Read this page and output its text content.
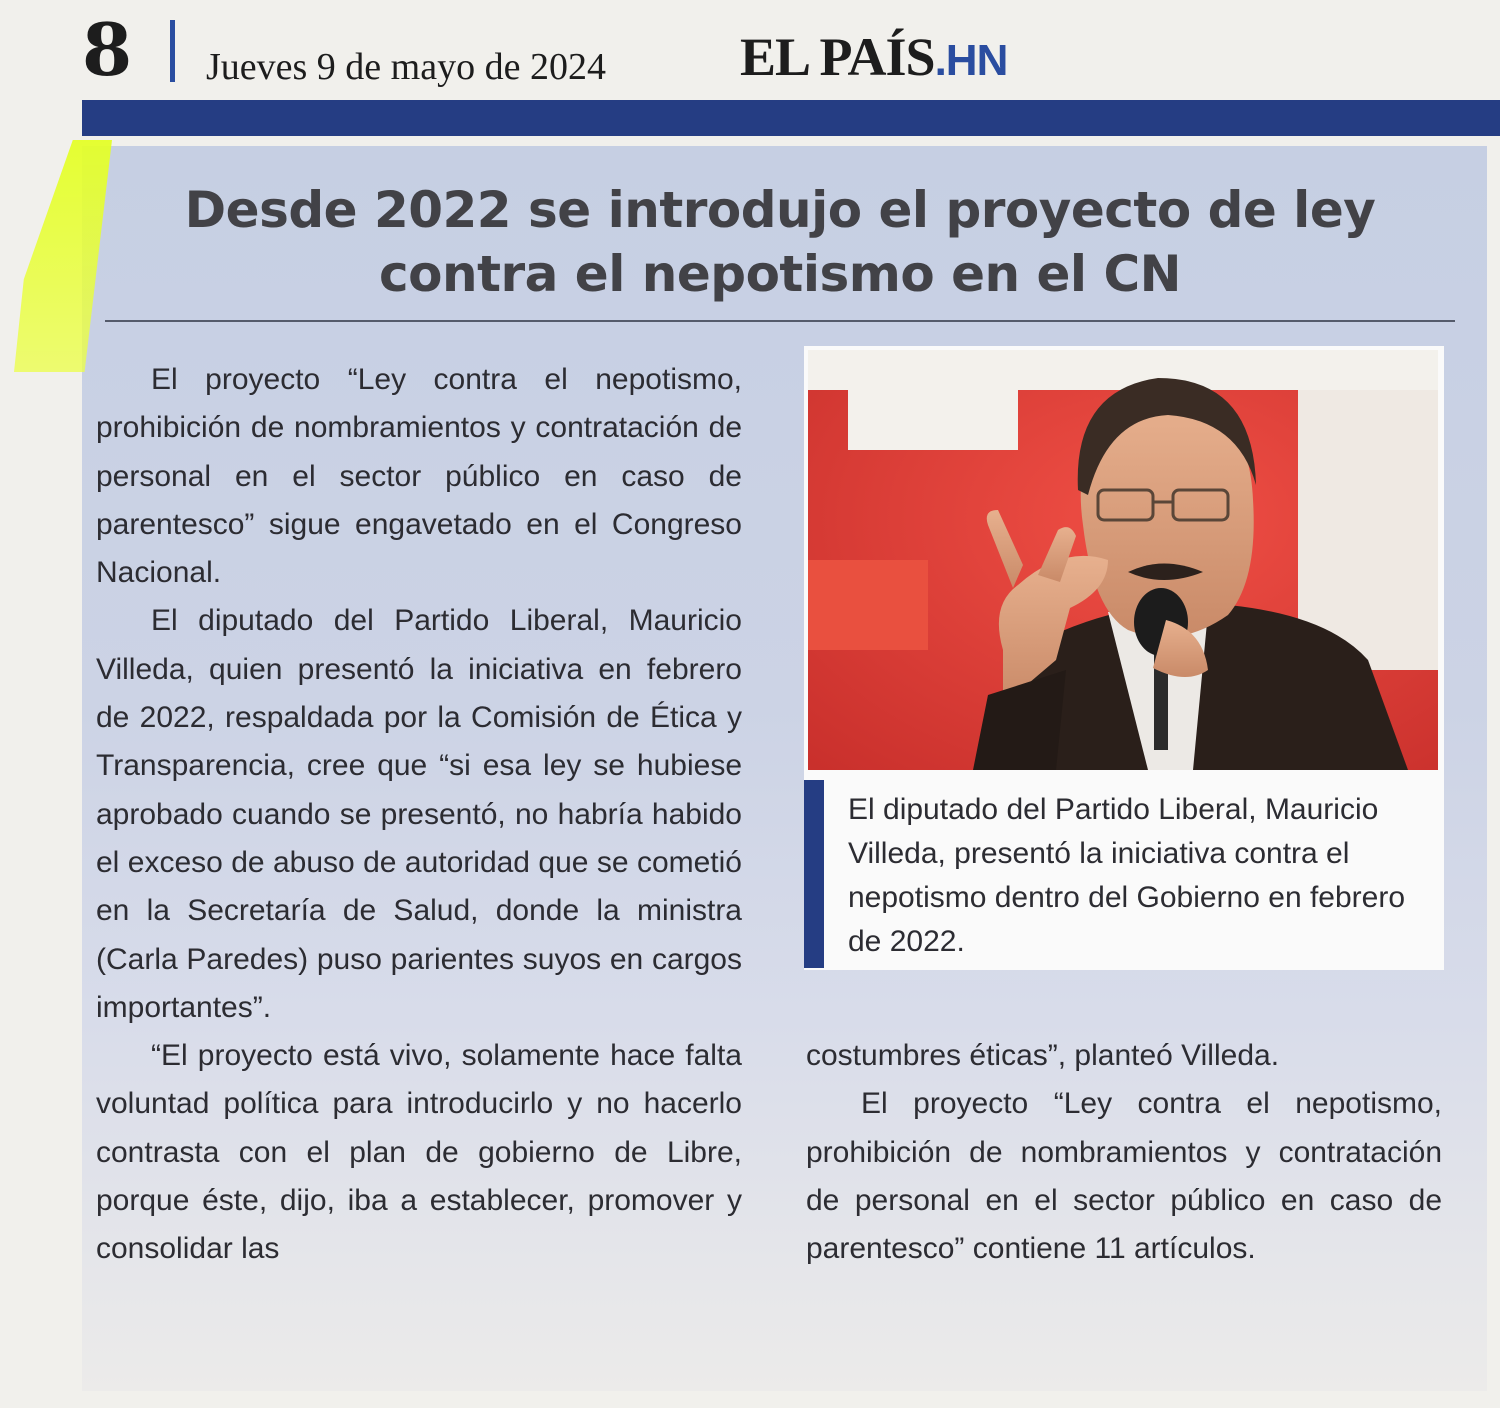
8 Jueves 9 de mayo de 2024 EL PAÍS.HN
Desde 2022 se introdujo el proyecto de ley
contra el nepotismo en el CN

El proyecto “Ley contra el nepotismo, prohibición de nombramientos y contratación de personal en el sector público en caso de parentesco” sigue engavetado en el Congreso Nacional.

El diputado del Partido Liberal, Mauricio Villeda, quien presentó la iniciativa en febrero de 2022, respaldada por la Comisión de Ética y Transparencia, cree que “si esa ley se hubiese aprobado cuando se presentó, no habría habido el exceso de abuso de autoridad que se cometió en la Secretaría de Salud, donde la ministra (Carla Paredes) puso parientes suyos en cargos importantes”.

“El proyecto está vivo, solamente hace falta voluntad política para introducirlo y no hacerlo contrasta con el plan de gobierno de Libre, porque éste, dijo, iba a establecer, promover y consolidar las

El diputado del Partido Liberal, Mauricio Villeda, presentó la iniciativa contra el nepotismo dentro del Gobierno en febrero de 2022.

costumbres éticas”, planteó Villeda.

El proyecto “Ley contra el nepotismo, prohibición de nombramientos y contratación de personal en el sector público en caso de parentesco” contiene 11 artículos.
